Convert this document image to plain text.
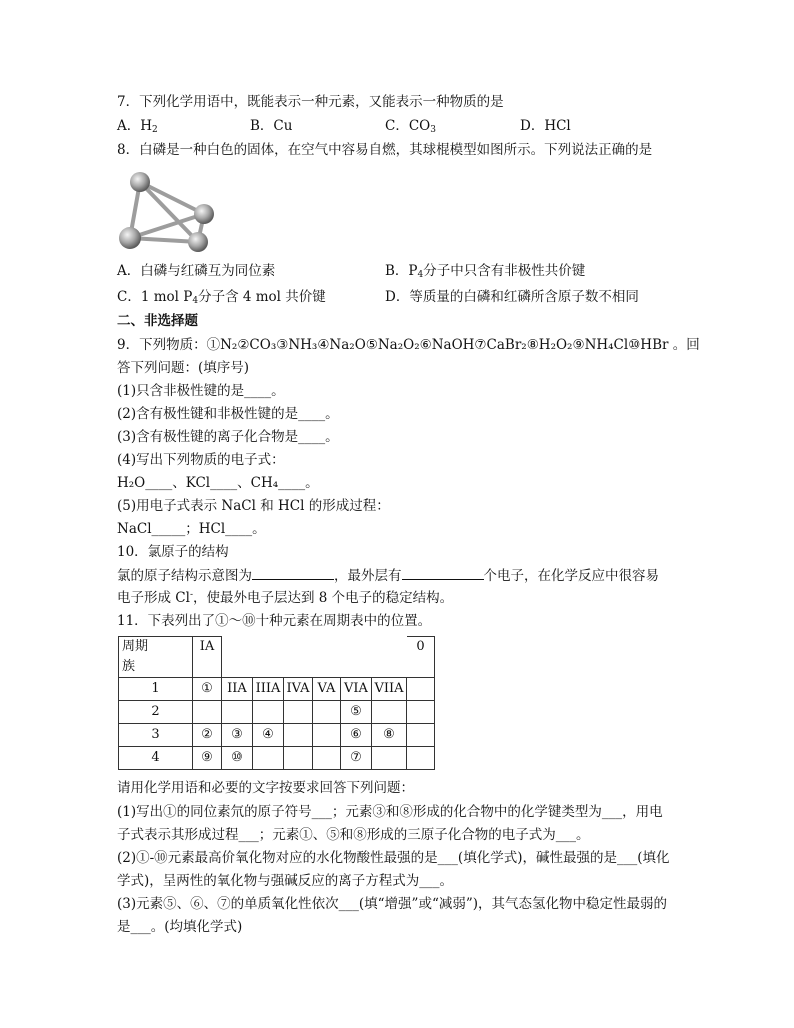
7．下列化学用语中，既能表示一种元素，又能表示一种物质的是
A．$H_2$	B．Cu	C．$CO_3$	D．HCl
8．白磷是一种白色的固体，在空气中容易自燃，其球棍模型如图所示。下列说法正确的是
A．白磷与红磷互为同位素	B．$P_4$分子中只含有非极性共价键
C．1 mol $P_4$分子含 4 mol 共价键	D．等质量的白磷和红磷所含原子数不相同
二、非选择题
9．下列物质：①N₂②CO₃③NH₃④Na₂O⑤Na₂O₂⑥NaOH⑦CaBr₂⑧H₂O₂⑨NH₄Cl⑩HBr 。回
答下列问题：(填序号)
(1)只含非极性键的是____。
(2)含有极性键和非极性键的是____。
(3)含有极性键的离子化合物是____。
(4)写出下列物质的电子式：
H₂O____、KCl____、CH₄____。
(5)用电子式表示 NaCl 和 HCl 的形成过程：
NaCl_____；HCl____。
10．氯原子的结构
氯的原子结构示意图为	，最外层有	个电子，在化学反应中很容易
电子形成 Cl-，使最外电子层达到 8 个电子的稳定结构。
11．下表列出了①～⑩十种元素在周期表中的位置。
周期
族	IA							0
1	①	IIA	IIIA	IVA	VA	VIA	VIIA	
2						⑤		
3	②	③	④			⑥	⑧	
4	⑨	⑩				⑦		
请用化学用语和必要的文字按要求回答下列问题：
(1)写出①的同位素氘的原子符号___；元素③和⑧形成的化合物中的化学键类型为___，用电
子式表示其形成过程___；元素①、⑤和⑧形成的三原子化合物的电子式为___。
(2)①-⑩元素最高价氧化物对应的水化物酸性最强的是___(填化学式)，碱性最强的是___(填化
学式)，呈两性的氧化物与强碱反应的离子方程式为___。
(3)元素⑤、⑥、⑦的单质氧化性依次___(填“增强”或“减弱”)，其气态氢化物中稳定性最弱的
是___。(均填化学式)
